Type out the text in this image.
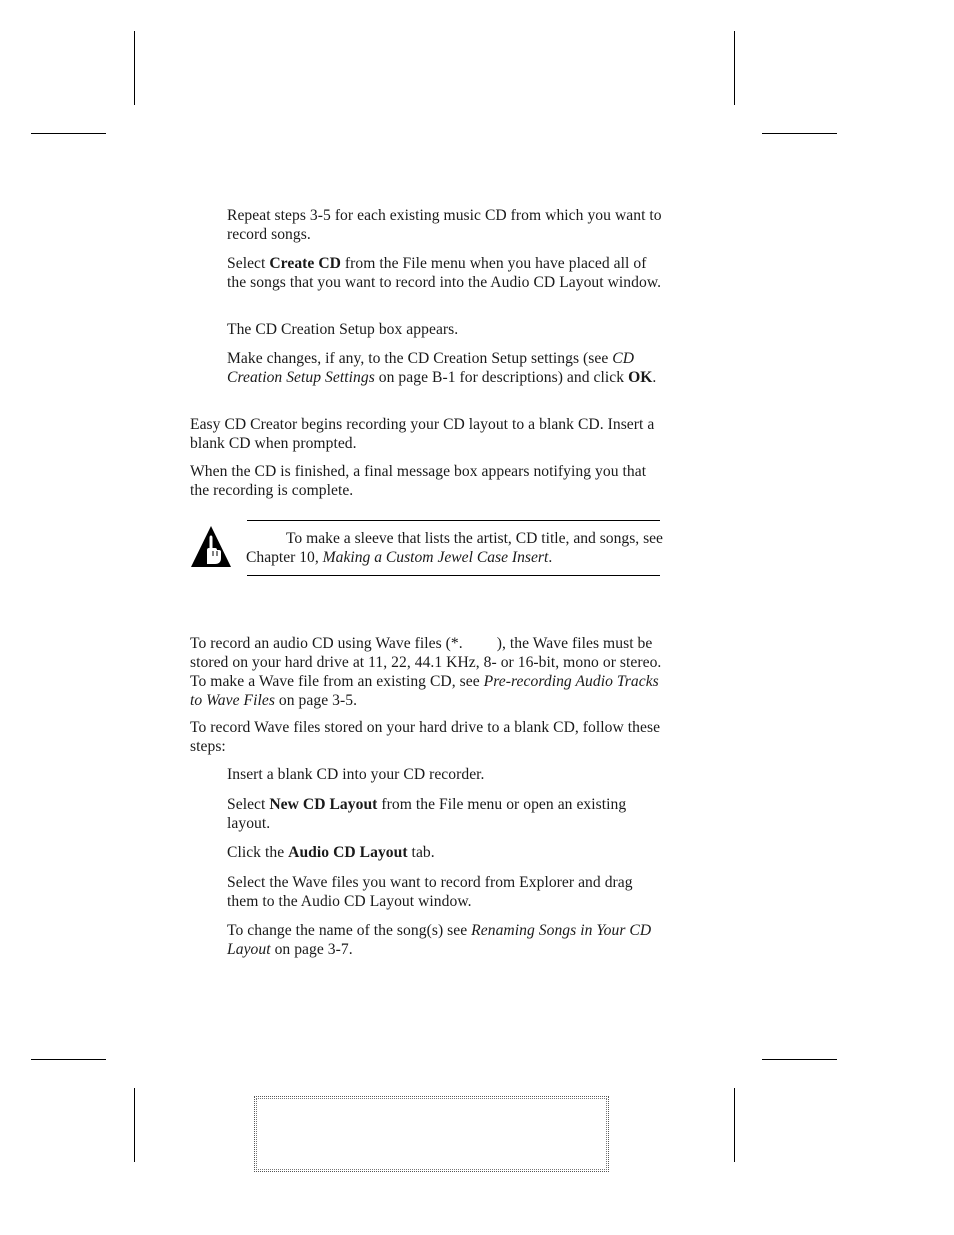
Repeat steps 3-5 for each existing music CD from which you want to record songs.

Select Create CD from the File menu when you have placed all of the songs that you want to record into the Audio CD Layout window.

The CD Creation Setup box appears.

Make changes, if any, to the CD Creation Setup settings (see CD Creation Setup Settings on page B-1 for descriptions) and click OK.

Easy CD Creator begins recording your CD layout to a blank CD. Insert a blank CD when prompted.

When the CD is finished, a final message box appears notifying you that the recording is complete.

To make a sleeve that lists the artist, CD title, and songs, see Chapter 10, Making a Custom Jewel Case Insert.

To record an audio CD using Wave files (*. ), the Wave files must be stored on your hard drive at 11, 22, 44.1 KHz, 8- or 16-bit, mono or stereo. To make a Wave file from an existing CD, see Pre-recording Audio Tracks to Wave Files on page 3-5.

To record Wave files stored on your hard drive to a blank CD, follow these steps:

Insert a blank CD into your CD recorder.

Select New CD Layout from the File menu or open an existing layout.

Click the Audio CD Layout tab.

Select the Wave files you want to record from Explorer and drag them to the Audio CD Layout window.

To change the name of the song(s) see Renaming Songs in Your CD Layout on page 3-7.
